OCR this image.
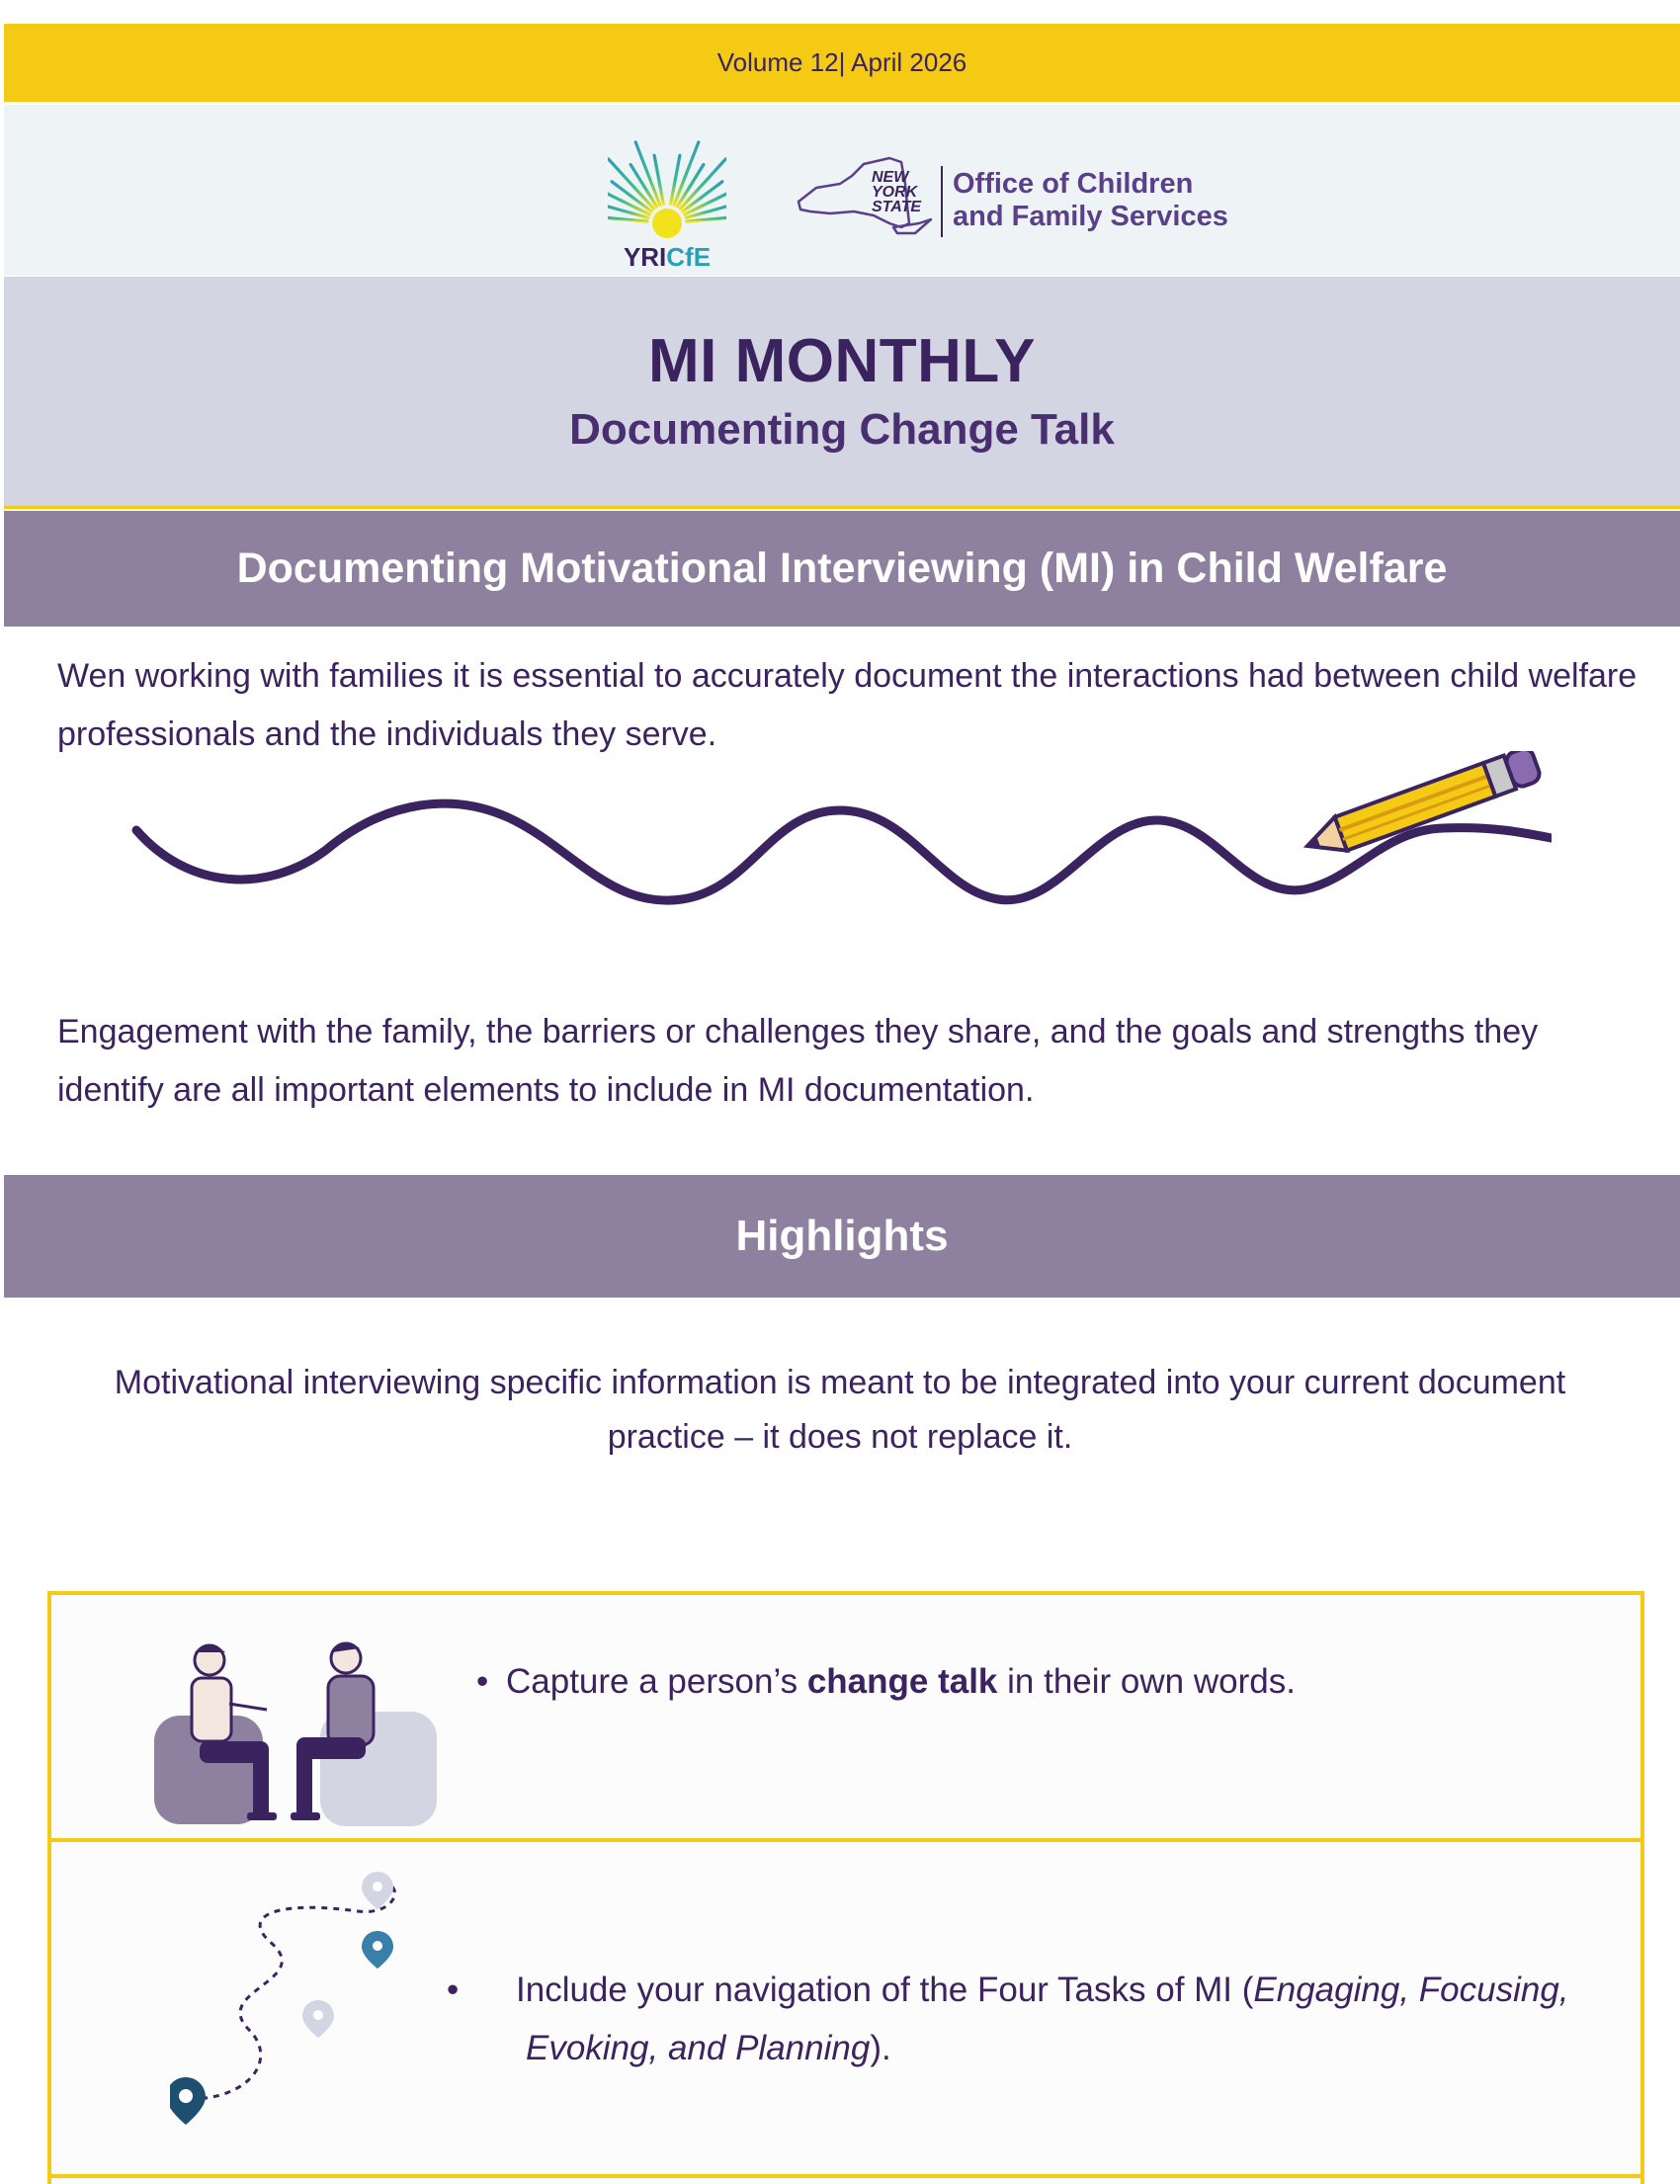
Volume 12| April 2026
YRICfE
NEW
YORK
STATE
Office of Children
and Family Services
MI MONTHLY
Documenting Change Talk
Documenting Motivational Interviewing (MI) in Child Welfare
Wen working with families it is essential to accurately document the interactions had between child welfare professionals and the individuals they serve.
Engagement with the family, the barriers or challenges they share, and the goals and strengths they identify are all important elements to include in MI documentation.
Highlights
Motivational interviewing specific information is meant to be integrated into your current document practice – it does not replace it.
• Capture a person’s change talk in their own words.
• Include your navigation of the Four Tasks of MI (Engaging, Focusing, Evoking, and Planning).
